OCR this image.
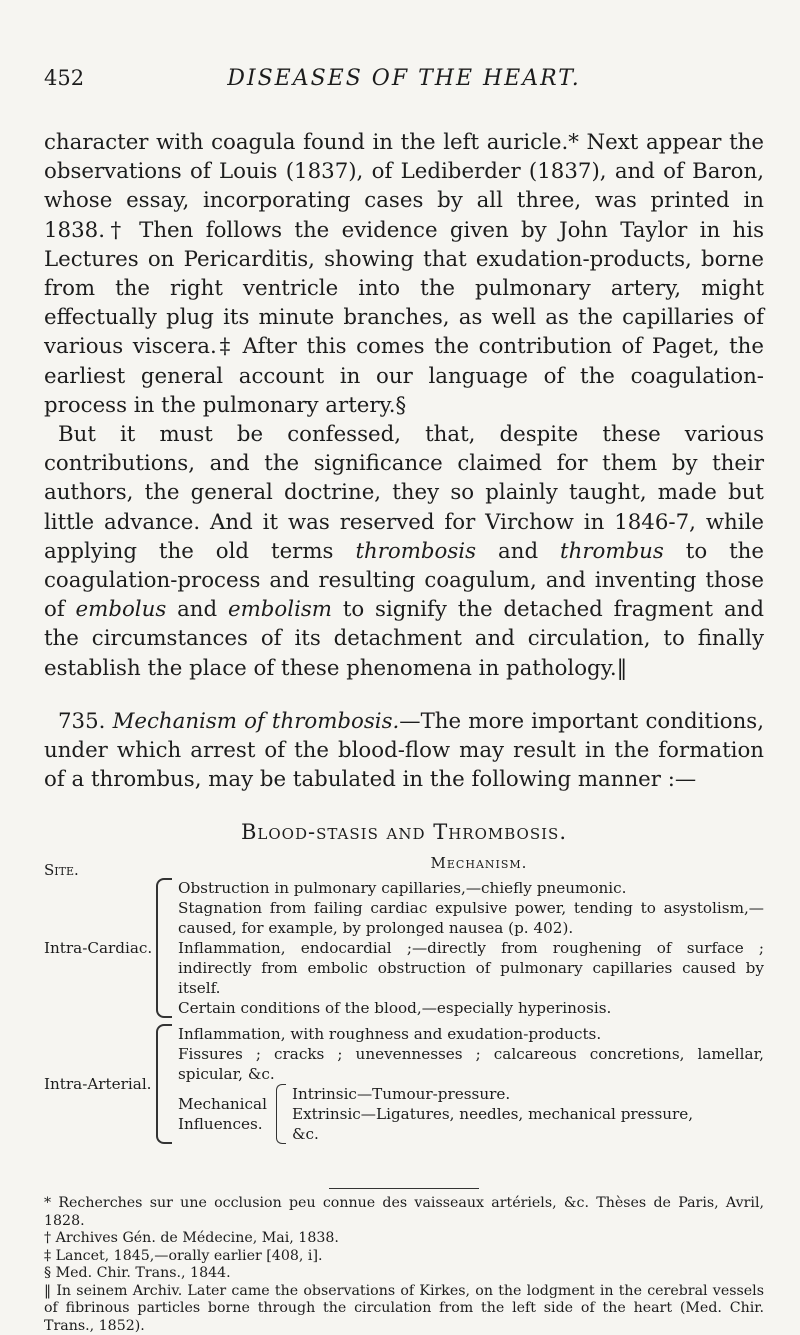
452	DISEASES OF THE HEART.

character with coagula found in the left auricle.* Next appear the observations of Louis (1837), of Lediberder (1837), and of Baron, whose essay, incorporating cases by all three, was printed in 1838.† Then follows the evidence given by John Taylor in his Lectures on Pericarditis, showing that exudation-products, borne from the right ventricle into the pulmonary artery, might effectually plug its minute branches, as well as the capillaries of various viscera.‡ After this comes the contribution of Paget, the earliest general account in our language of the coagulation-process in the pulmonary artery.§

But it must be confessed, that, despite these various contributions, and the significance claimed for them by their authors, the general doctrine, they so plainly taught, made but little advance. And it was reserved for Virchow in 1846-7, while applying the old terms thrombosis and thrombus to the coagulation-process and resulting coagulum, and inventing those of embolus and embolism to signify the detached fragment and the circumstances of its detachment and circulation, to finally establish the place of these phenomena in pathology.‖

735. Mechanism of thrombosis.—The more important conditions, under which arrest of the blood-flow may result in the formation of a thrombus, may be tabulated in the following manner :—

Blood-stasis and Thrombosis.
Mechanism.
Site.
Intra-Cardiac.
Obstruction in pulmonary capillaries,—chiefly pneumonic.
Stagnation from failing cardiac expulsive power, tending to asystolism,—caused, for example, by prolonged nausea (p. 402).
Inflammation, endocardial ;—directly from roughening of surface ; indirectly from embolic obstruction of pulmonary capillaries caused by itself.
Certain conditions of the blood,—especially hyperinosis.
Intra-Arterial.
Inflammation, with roughness and exudation-products.
Fissures ; cracks ; unevennesses ; calcareous concretions, lamellar, spicular, &c.
Mechanical
Influences.
Intrinsic—Tumour-pressure.
Extrinsic—Ligatures, needles, mechanical pressure,
&c.
* Recherches sur une occlusion peu connue des vaisseaux artériels, &c. Thèses de Paris, Avril, 1828.
† Archives Gén. de Médecine, Mai, 1838.
‡ Lancet, 1845,—orally earlier [408, i].
§ Med. Chir. Trans., 1844.
‖ In seinem Archiv. Later came the observations of Kirkes, on the lodgment in the cerebral vessels of fibrinous particles borne through the circulation from the left side of the heart (Med. Chir. Trans., 1852).
